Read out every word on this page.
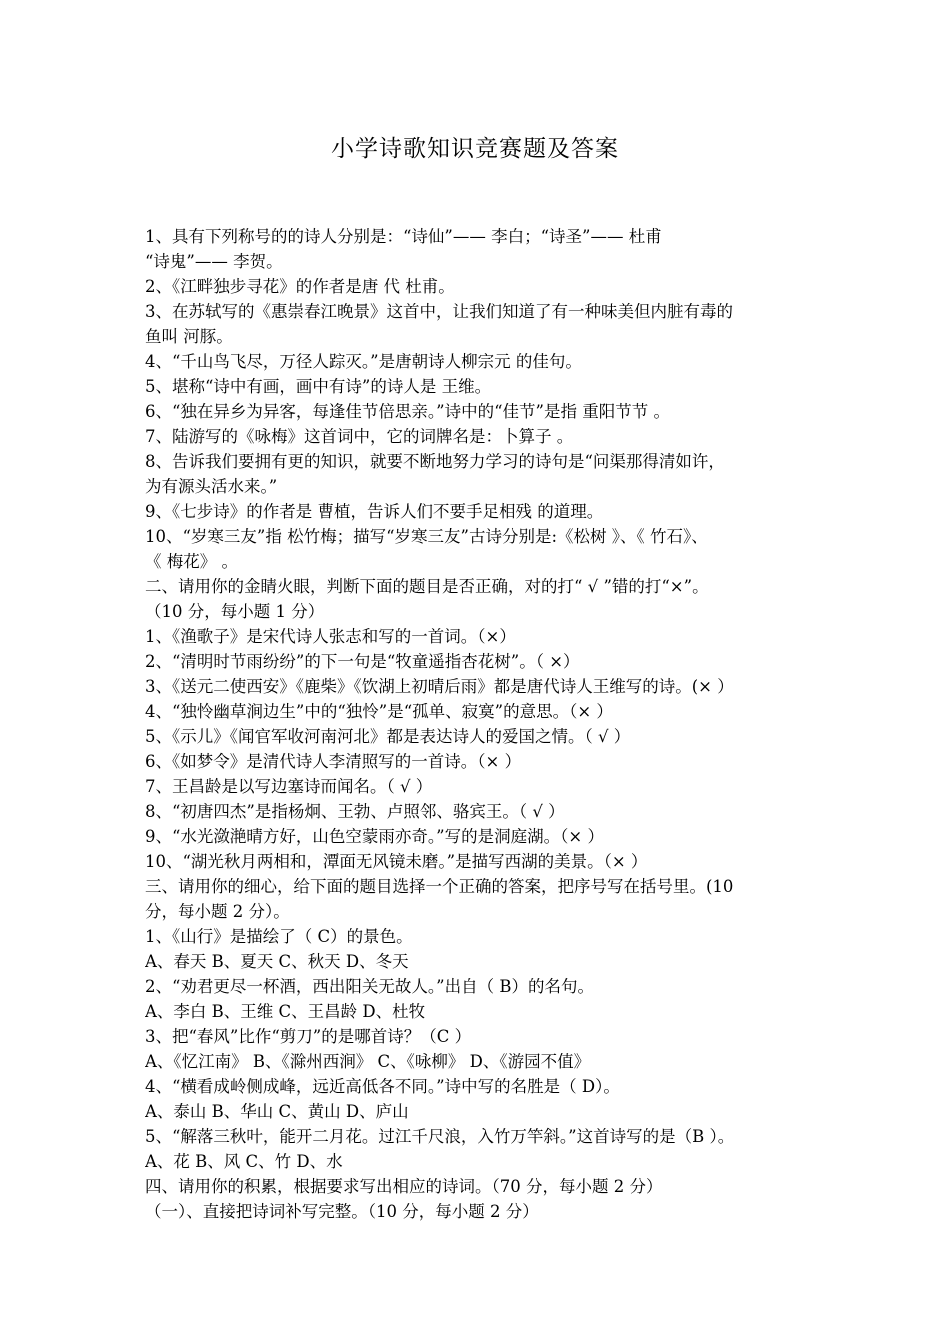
小学诗歌知识竞赛题及答案
1、具有下列称号的的诗人分别是：“诗仙”—— 李白；“诗圣”—— 杜甫
“诗鬼”—— 李贺。
2、《江畔独步寻花》的作者是唐 代 杜甫。
3、在苏轼写的《惠崇春江晚景》这首中，让我们知道了有一种味美但内脏有毒的
鱼叫 河豚。
4、“千山鸟飞尽，万径人踪灭。”是唐朝诗人柳宗元 的佳句。
5、堪称“诗中有画，画中有诗”的诗人是 王维。
6、“独在异乡为异客，每逢佳节倍思亲。”诗中的“佳节”是指 重阳节节 。
7、陆游写的《咏梅》这首词中，它的词牌名是：卜算子 。
8、告诉我们要拥有更的知识，就要不断地努力学习的诗句是“问渠那得清如许，
为有源头活水来。”
9、《七步诗》的作者是 曹植，告诉人们不要手足相残 的道理。
10、“岁寒三友”指 松竹梅；描写“岁寒三友”古诗分别是:《松树 》、《 竹石》、
《 梅花》 。
二、请用你的金睛火眼，判断下面的题目是否正确，对的打“ √ ”错的打“×”。
（10 分，每小题 1 分）
1、《渔歌子》是宋代诗人张志和写的一首词。（×）
2、“清明时节雨纷纷”的下一句是“牧童遥指杏花树”。（ ×）
3、《送元二使西安》《鹿柴》《饮湖上初晴后雨》都是唐代诗人王维写的诗。(× ）
4、“独怜幽草涧边生”中的“独怜”是“孤单、寂寞”的意思。（× ）
5、《示儿》《闻官军收河南河北》都是表达诗人的爱国之情。（ √ ）
6、《如梦令》是清代诗人李清照写的一首诗。（× ）
7、王昌龄是以写边塞诗而闻名。（ √ ）
8、“初唐四杰”是指杨炯、王勃、卢照邻、骆宾王。（ √ ）
9、“水光潋滟晴方好，山色空蒙雨亦奇。”写的是洞庭湖。（× ）
10、“湖光秋月两相和，潭面无风镜未磨。”是描写西湖的美景。（× ）
三、请用你的细心，给下面的题目选择一个正确的答案，把序号写在括号里。(10
分，每小题 2 分）。
1、《山行》是描绘了（ C）的景色。
A、春天 B、夏天 C、秋天 D、冬天
2、“劝君更尽一杯酒，西出阳关无故人。”出自（ B）的名句。
A、李白 B、王维 C、王昌龄 D、杜牧
3、把“春风”比作“剪刀”的是哪首诗？（C ）
A、《忆江南》 B、《滁州西涧》 C、《咏柳》 D、《游园不值》
4、“横看成岭侧成峰，远近高低各不同。”诗中写的名胜是（ D）。
A、泰山 B、华山 C、黄山 D、庐山
5、“解落三秋叶，能开二月花。过江千尺浪，入竹万竿斜。”这首诗写的是（B ）。
A、花 B、风 C、竹 D、水
四、请用你的积累，根据要求写出相应的诗词。（70 分，每小题 2 分）
（一）、直接把诗词补写完整。（10 分，每小题 2 分）
